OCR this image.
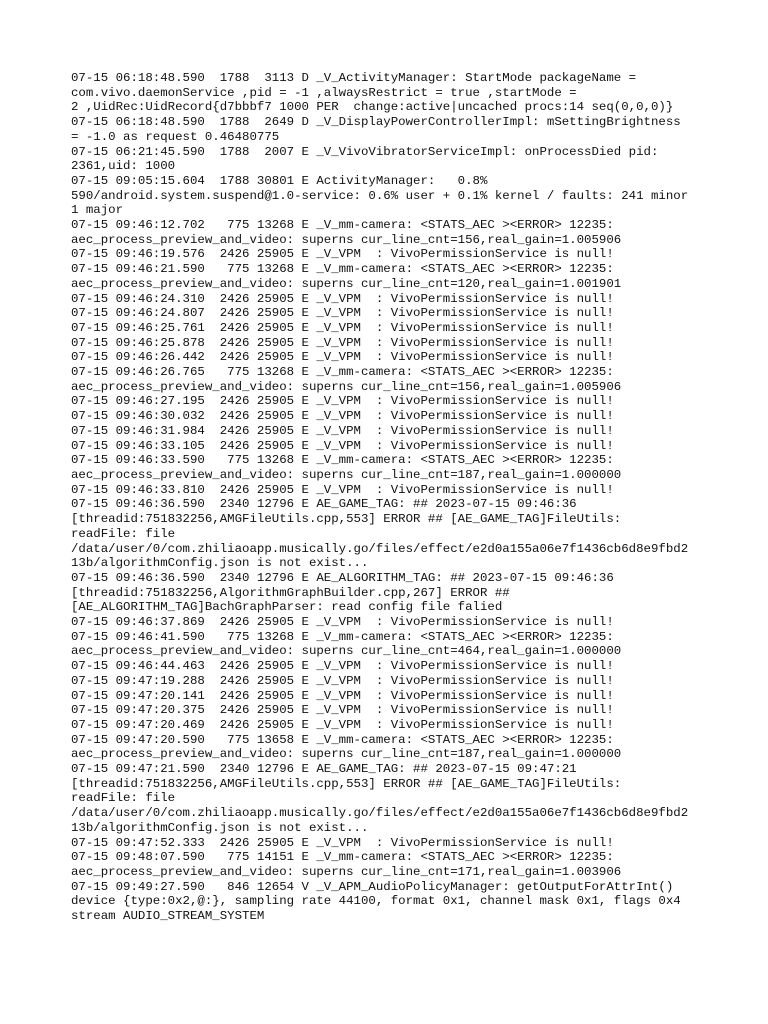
07-15 06:18:48.590  1788  3113 D _V_ActivityManager: StartMode packageName =
com.vivo.daemonService ,pid = -1 ,alwaysRestrict = true ,startMode =
2 ,UidRec:UidRecord{d7bbbf7 1000 PER  change:active|uncached procs:14 seq(0,0,0)}
07-15 06:18:48.590  1788  2649 D _V_DisplayPowerControllerImpl: mSettingBrightness
= -1.0 as request 0.46480775
07-15 06:21:45.590  1788  2007 E _V_VivoVibratorServiceImpl: onProcessDied pid:
2361,uid: 1000
07-15 09:05:15.604  1788 30801 E ActivityManager:   0.8%
590/android.system.suspend@1.0-service: 0.6% user + 0.1% kernel / faults: 241 minor
1 major
07-15 09:46:12.702   775 13268 E _V_mm-camera: <STATS_AEC ><ERROR> 12235:
aec_process_preview_and_video: superns cur_line_cnt=156,real_gain=1.005906
07-15 09:46:19.576  2426 25905 E _V_VPM  : VivoPermissionService is null!
07-15 09:46:21.590   775 13268 E _V_mm-camera: <STATS_AEC ><ERROR> 12235:
aec_process_preview_and_video: superns cur_line_cnt=120,real_gain=1.001901
07-15 09:46:24.310  2426 25905 E _V_VPM  : VivoPermissionService is null!
07-15 09:46:24.807  2426 25905 E _V_VPM  : VivoPermissionService is null!
07-15 09:46:25.761  2426 25905 E _V_VPM  : VivoPermissionService is null!
07-15 09:46:25.878  2426 25905 E _V_VPM  : VivoPermissionService is null!
07-15 09:46:26.442  2426 25905 E _V_VPM  : VivoPermissionService is null!
07-15 09:46:26.765   775 13268 E _V_mm-camera: <STATS_AEC ><ERROR> 12235:
aec_process_preview_and_video: superns cur_line_cnt=156,real_gain=1.005906
07-15 09:46:27.195  2426 25905 E _V_VPM  : VivoPermissionService is null!
07-15 09:46:30.032  2426 25905 E _V_VPM  : VivoPermissionService is null!
07-15 09:46:31.984  2426 25905 E _V_VPM  : VivoPermissionService is null!
07-15 09:46:33.105  2426 25905 E _V_VPM  : VivoPermissionService is null!
07-15 09:46:33.590   775 13268 E _V_mm-camera: <STATS_AEC ><ERROR> 12235:
aec_process_preview_and_video: superns cur_line_cnt=187,real_gain=1.000000
07-15 09:46:33.810  2426 25905 E _V_VPM  : VivoPermissionService is null!
07-15 09:46:36.590  2340 12796 E AE_GAME_TAG: ## 2023-07-15 09:46:36
[threadid:751832256,AMGFileUtils.cpp,553] ERROR ## [AE_GAME_TAG]FileUtils:
readFile: file
/data/user/0/com.zhiliaoapp.musically.go/files/effect/e2d0a155a06e7f1436cb6d8e9fbd2
13b/algorithmConfig.json is not exist...
07-15 09:46:36.590  2340 12796 E AE_ALGORITHM_TAG: ## 2023-07-15 09:46:36
[threadid:751832256,AlgorithmGraphBuilder.cpp,267] ERROR ##
[AE_ALGORITHM_TAG]BachGraphParser: read config file falied
07-15 09:46:37.869  2426 25905 E _V_VPM  : VivoPermissionService is null!
07-15 09:46:41.590   775 13268 E _V_mm-camera: <STATS_AEC ><ERROR> 12235:
aec_process_preview_and_video: superns cur_line_cnt=464,real_gain=1.000000
07-15 09:46:44.463  2426 25905 E _V_VPM  : VivoPermissionService is null!
07-15 09:47:19.288  2426 25905 E _V_VPM  : VivoPermissionService is null!
07-15 09:47:20.141  2426 25905 E _V_VPM  : VivoPermissionService is null!
07-15 09:47:20.375  2426 25905 E _V_VPM  : VivoPermissionService is null!
07-15 09:47:20.469  2426 25905 E _V_VPM  : VivoPermissionService is null!
07-15 09:47:20.590   775 13658 E _V_mm-camera: <STATS_AEC ><ERROR> 12235:
aec_process_preview_and_video: superns cur_line_cnt=187,real_gain=1.000000
07-15 09:47:21.590  2340 12796 E AE_GAME_TAG: ## 2023-07-15 09:47:21
[threadid:751832256,AMGFileUtils.cpp,553] ERROR ## [AE_GAME_TAG]FileUtils:
readFile: file
/data/user/0/com.zhiliaoapp.musically.go/files/effect/e2d0a155a06e7f1436cb6d8e9fbd2
13b/algorithmConfig.json is not exist...
07-15 09:47:52.333  2426 25905 E _V_VPM  : VivoPermissionService is null!
07-15 09:48:07.590   775 14151 E _V_mm-camera: <STATS_AEC ><ERROR> 12235:
aec_process_preview_and_video: superns cur_line_cnt=171,real_gain=1.003906
07-15 09:49:27.590   846 12654 V _V_APM_AudioPolicyManager: getOutputForAttrInt()
device {type:0x2,@:}, sampling rate 44100, format 0x1, channel mask 0x1, flags 0x4
stream AUDIO_STREAM_SYSTEM
